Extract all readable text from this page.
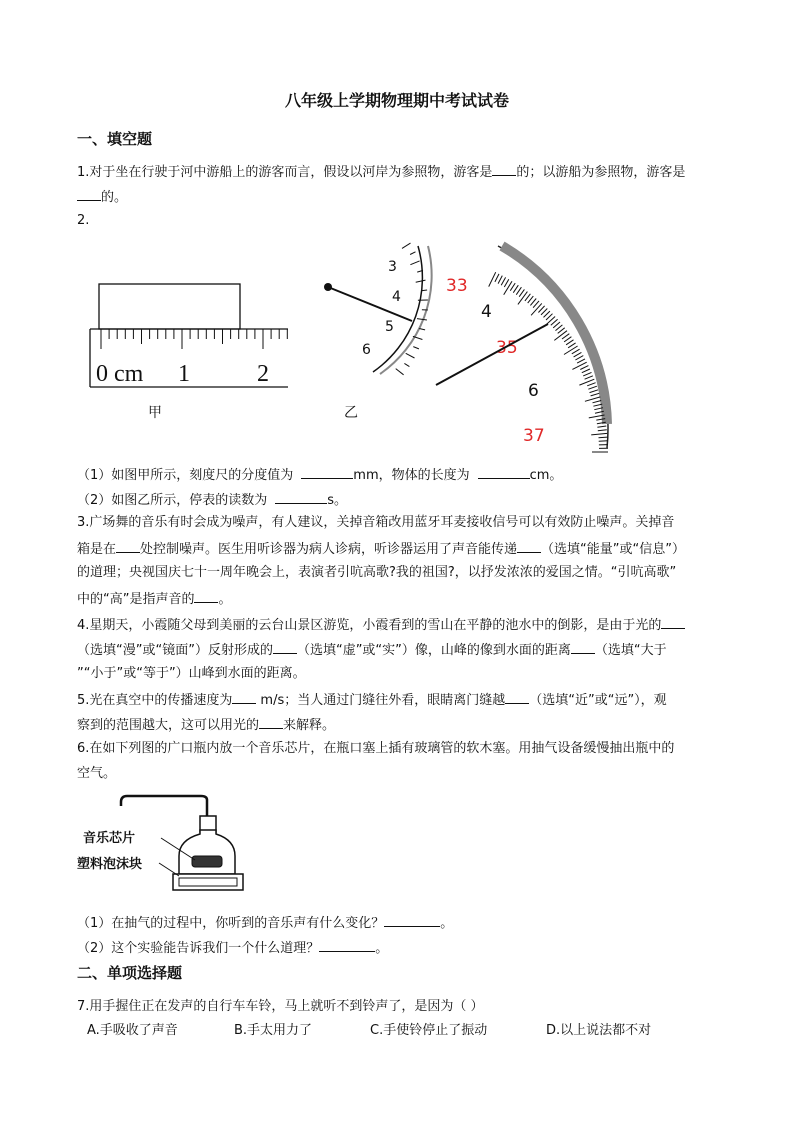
八年级上学期物理期中考试试卷
一、填空题
1.对于坐在行驶于河中游船上的游客而言，假设以河岸为参照物，游客是 的；以游船为参照物，游客是
的。
2.
0 cm 1	2
甲
3
4
5
6
33
4
35
6
37
乙
（1）如图甲所示，刻度尺的分度值为	mm，物体的长度为	cm。
（2）如图乙所示，停表的读数为	s。
3.广场舞的音乐有时会成为噪声，有人建议，关掉音箱改用蓝牙耳麦接收信号可以有效防止噪声。关掉音
箱是在 处控制噪声。医生用听诊器为病人诊病，听诊器运用了声音能传递 （选填“能量”或“信息”）
的道理；央视国庆七十一周年晚会上，表演者引吭高歌?我的祖国?，以抒发浓浓的爱国之情。“引吭高歌”
中的“高”是指声音的 。
4.星期天，小霞随父母到美丽的云台山景区游览，小霞看到的雪山在平静的池水中的倒影，是由于光的
（选填“漫”或“镜面”）反射形成的 （选填“虚”或“实”）像，山峰的像到水面的距离 （选填“大于
”“小于”或“等于”）山峰到水面的距离。
5.光在真空中的传播速度为 m/s；当人通过门缝往外看，眼睛离门缝越 （选填“近”或“远”），观
察到的范围越大，这可以用光的 来解释。
6.在如下列图的广口瓶内放一个音乐芯片，在瓶口塞上插有玻璃管的软木塞。用抽气设备缓慢抽出瓶中的
空气。
音乐芯片
塑料泡沫块
（1）在抽气的过程中，你听到的音乐声有什么变化？	。
（2）这个实验能告诉我们一个什么道理？	。
二、单项选择题
7.用手握住正在发声的自行车车铃，马上就听不到铃声了，是因为（ ）
A.手吸收了声音	B.手太用力了	C.手使铃停止了振动	D.以上说法都不对
